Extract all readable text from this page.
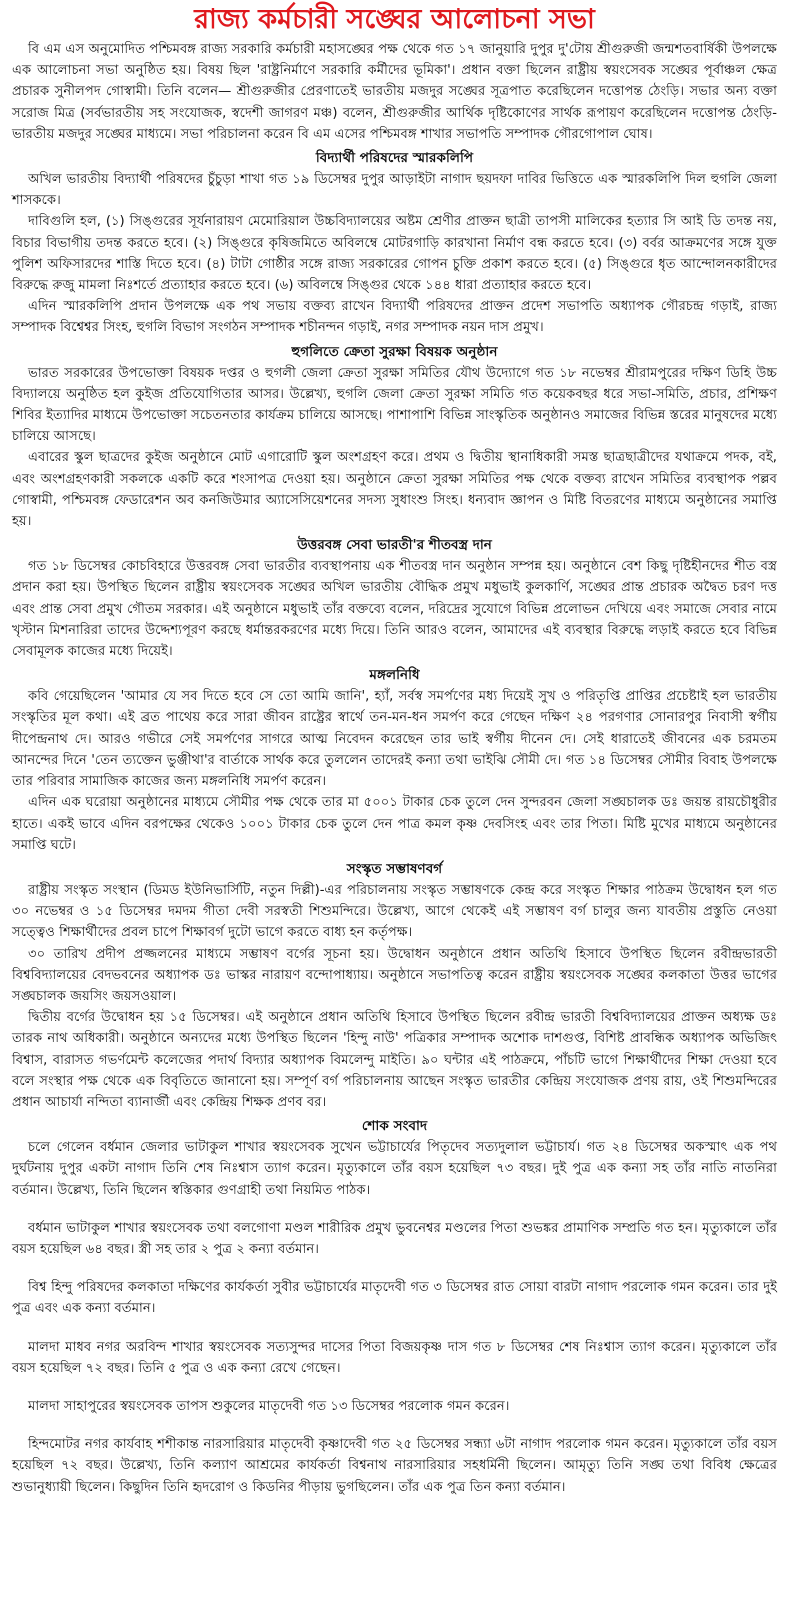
রাজ্য কর্মচারী সঙ্ঘের আলোচনা সভা

বি এম এস অনুমোদিত পশ্চিমবঙ্গ রাজ্য সরকারি কর্মচারী মহাসঙ্ঘের পক্ষ থেকে গত ১৭ জানুয়ারি দুপুর দু'টোয় শ্রীগুরুজী জন্মশতবার্ষিকী উপলক্ষে এক আলোচনা সভা অনুষ্ঠিত হয়। বিষয় ছিল 'রাষ্ট্রনির্মাণে সরকারি কর্মীদের ভূমিকা'। প্রধান বক্তা ছিলেন রাষ্ট্রীয় স্বয়ংসেবক সঙ্ঘের পূর্বাঞ্চল ক্ষেত্র প্রচারক সুনীলপদ গোস্বামী। তিনি বলেন— শ্রীগুরুজীর প্রেরণাতেই ভারতীয় মজদুর সঙ্ঘের সূত্রপাত করেছিলেন দত্তোপন্ত ঠেংড়ি। সভার অন্য বক্তা সরোজ মিত্র (সর্বভারতীয় সহ সংযোজক, স্বদেশী জাগরণ মঞ্চ) বলেন, শ্রীগুরুজীর আর্থিক দৃষ্টিকোণের সার্থক রূপায়ণ করেছিলেন দত্তোপন্ত ঠেংড়ি- ভারতীয় মজদুর সঙ্ঘের মাধ্যমে। সভা পরিচালনা করেন বি এম এসের পশ্চিমবঙ্গ শাখার সভাপতি সম্পাদক গৌরগোপাল ঘোষ।

বিদ্যার্থী পরিষদের স্মারকলিপি

অখিল ভারতীয় বিদ্যার্থী পরিষদের চুঁচুড়া শাখা গত ১৯ ডিসেম্বর দুপুর আড়াইটা নাগাদ ছয়দফা দাবির ভিত্তিতে এক স্মারকলিপি দিল হুগলি জেলা শাসককে।

দাবিগুলি হল, (১) সিঙ্গুরের সূর্যনারায়ণ মেমোরিয়াল উচ্চবিদ্যালয়ের অষ্টম শ্রেণীর প্রাক্তন ছাত্রী তাপসী মালিকের হত্যার সি আই ডি তদন্ত নয়, বিচার বিভাগীয় তদন্ত করতে হবে। (২) সিঙ্গুরে কৃষিজমিতে অবিলম্বে মোটরগাড়ি কারখানা নির্মাণ বন্ধ করতে হবে। (৩) বর্বর আক্রমণের সঙ্গে যুক্ত পুলিশ অফিসারদের শাস্তি দিতে হবে। (৪) টাটা গোষ্ঠীর সঙ্গে রাজ্য সরকারের গোপন চুক্তি প্রকাশ করতে হবে। (৫) সিঙ্গুরে ধৃত আন্দোলনকারীদের বিরুদ্ধে রুজু মামলা নিঃশর্তে প্রত্যাহার করতে হবে। (৬) অবিলম্বে সিঙ্গুর থেকে ১৪৪ ধারা প্রত্যাহার করতে হবে।

এদিন স্মারকলিপি প্রদান উপলক্ষে এক পথ সভায় বক্তব্য রাখেন বিদ্যার্থী পরিষদের প্রাক্তন প্রদেশ সভাপতি অধ্যাপক গৌরচন্দ্র গড়াই, রাজ্য সম্পাদক বিশ্বেশ্বর সিংহ, হুগলি বিভাগ সংগঠন সম্পাদক শচীনন্দন গড়াই, নগর সম্পাদক নয়ন দাস প্রমুখ।

হুগলিতে ক্রেতা সুরক্ষা বিষয়ক অনুষ্ঠান

ভারত সরকারের উপভোক্তা বিষয়ক দপ্তর ও হুগলী জেলা ক্রেতা সুরক্ষা সমিতির যৌথ উদ্যোগে গত ১৮ নভেম্বর শ্রীরামপুরের দক্ষিণ ডিহি উচ্চ বিদ্যালয়ে অনুষ্ঠিত হল কুইজ প্রতিযোগিতার আসর। উল্লেখ্য, হুগলি জেলা ক্রেতা সুরক্ষা সমিতি গত কয়েকবছর ধরে সভা-সমিতি, প্রচার, প্রশিক্ষণ শিবির ইত্যাদির মাধ্যমে উপভোক্তা সচেতনতার কার্যক্রম চালিয়ে আসছে। পাশাপাশি বিভিন্ন সাংস্কৃতিক অনুষ্ঠানও সমাজের বিভিন্ন স্তরের মানুষদের মধ্যে চালিয়ে আসছে।

এবারের স্কুল ছাত্রদের কুইজ অনুষ্ঠানে মোট এগারোটি স্কুল অংশগ্রহণ করে। প্রথম ও দ্বিতীয় স্থানাধিকারী সমস্ত ছাত্রছাত্রীদের যথাক্রমে পদক, বই, এবং অংশগ্রহণকারী সকলকে একটি করে শংসাপত্র দেওয়া হয়। অনুষ্ঠানে ক্রেতা সুরক্ষা সমিতির পক্ষ থেকে বক্তব্য রাখেন সমিতির ব্যবস্থাপক পল্লব গোস্বামী, পশ্চিমবঙ্গ ফেডারেশন অব কনজিউমার অ্যাসেসিয়েশনের সদস্য সুধাংশু সিংহ। ধন্যবাদ জ্ঞাপন ও মিষ্টি বিতরণের মাধ্যমে অনুষ্ঠানের সমাপ্তি হয়।

উত্তরবঙ্গ সেবা ভারতী'র শীতবস্ত্র দান

গত ১৮ ডিসেম্বর কোচবিহারে উত্তরবঙ্গ সেবা ভারতীর ব্যবস্থাপনায় এক শীতবস্ত্র দান অনুষ্ঠান সম্পন্ন হয়। অনুষ্ঠানে বেশ কিছু দৃষ্টিহীনদের শীত বস্ত্র প্রদান করা হয়। উপস্থিত ছিলেন রাষ্ট্রীয় স্বয়ংসেবক সঙ্ঘের অখিল ভারতীয় বৌদ্ধিক প্রমুখ মধুভাই কুলকার্ণি, সঙ্ঘের প্রান্ত প্রচারক অদ্বৈত চরণ দত্ত এবং প্রান্ত সেবা প্রমুখ গৌতম সরকার। এই অনুষ্ঠানে মধুভাই তাঁর বক্তব্যে বলেন, দরিদ্রের সুযোগে বিভিন্ন প্রলোভন দেখিয়ে এবং সমাজে সেবার নামে খৃস্টান মিশনারিরা তাদের উদ্দেশ্যপূরণ করছে ধর্মান্তরকরণের মধ্যে দিয়ে। তিনি আরও বলেন, আমাদের এই ব্যবস্থার বিরুদ্ধে লড়াই করতে হবে বিভিন্ন সেবামূলক কাজের মধ্যে দিয়েই।

মঙ্গলনিধি

কবি গেয়েছিলেন 'আমার যে সব দিতে হবে সে তো আমি জানি', হ্যাঁ, সর্বস্ব সমর্পণের মধ্য দিয়েই সুখ ও পরিতৃপ্তি প্রাপ্তির প্রচেষ্টাই হল ভারতীয় সংস্কৃতির মূল কথা। এই ব্রত পাথেয় করে সারা জীবন রাষ্ট্রের স্বার্থে তন-মন-ধন সমর্পণ করে গেছেন দক্ষিণ ২৪ পরগণার সোনারপুর নিবাসী স্বর্গীয় দীপেন্দ্রনাথ দে। আরও গভীরে সেই সমর্পণের সাগরে আত্ম নিবেদন করেছেন তার ভাই স্বর্গীয় দীনেন দে। সেই ধারাতেই জীবনের এক চরমতম আনন্দের দিনে 'তেন ত্যক্তেন ভুঞ্জীথা'র বার্তাকে সার্থক করে তুললেন তাদেরই কন্যা তথা ভাইঝি সৌমী দে। গত ১৪ ডিসেম্বর সৌমীর বিবাহ উপলক্ষে তার পরিবার সামাজিক কাজের জন্য মঙ্গলনিধি সমর্পণ করেন।

এদিন এক ঘরোয়া অনুষ্ঠানের মাধ্যমে সৌমীর পক্ষ থেকে তার মা ৫০০১ টাকার চেক তুলে দেন সুন্দরবন জেলা সঙ্ঘচালক ডঃ জয়ন্ত রায়চৌধুরীর হাতে। একই ভাবে এদিন বরপক্ষের থেকেও ১০০১ টাকার চেক তুলে দেন পাত্র কমল কৃষ্ণ দেবসিংহ এবং তার পিতা। মিষ্টি মুখের মাধ্যমে অনুষ্ঠানের সমাপ্তি ঘটে।

সংস্কৃত সম্ভাষণবর্গ

রাষ্ট্রীয় সংস্কৃত সংস্থান (ডিমড ইউনিভার্সিটি, নতুন দিল্লী)-এর পরিচালনায় সংস্কৃত সম্ভাষণকে কেন্দ্র করে সংস্কৃত শিক্ষার পাঠক্রম উদ্বোধন হল গত ৩০ নভেম্বর ও ১৫ ডিসেম্বর দমদম গীতা দেবী সরস্বতী শিশুমন্দিরে। উল্লেখ্য, আগে থেকেই এই সম্ভাষণ বর্গ চালুর জন্য যাবতীয় প্রস্তুতি নেওয়া সত্ত্বেও শিক্ষার্থীদের প্রবল চাপে শিক্ষাবর্গ দুটো ভাগে করতে বাধ্য হন কর্তৃপক্ষ।

৩০ তারিখ প্রদীপ প্রজ্জলনের মাধ্যমে সম্ভাষণ বর্গের সূচনা হয়। উদ্বোধন অনুষ্ঠানে প্রধান অতিথি হিসাবে উপস্থিত ছিলেন রবীন্দ্রভারতী বিশ্ববিদ্যালয়ের বেদভবনের অধ্যাপক ডঃ ভাস্কর নারায়ণ বন্দোপাধ্যায়। অনুষ্ঠানে সভাপতিত্ব করেন রাষ্ট্রীয় স্বয়ংসেবক সঙ্ঘের কলকাতা উত্তর ভাগের সঙ্ঘচালক জয়সিং জয়সওয়াল।

দ্বিতীয় বর্গের উদ্বোধন হয় ১৫ ডিসেম্বর। এই অনুষ্ঠানে প্রধান অতিথি হিসাবে উপস্থিত ছিলেন রবীন্দ্র ভারতী বিশ্ববিদ্যালয়ের প্রাক্তন অধ্যক্ষ ডঃ তারক নাথ অধিকারী। অনুষ্ঠানে অন্যদের মধ্যে উপস্থিত ছিলেন 'হিন্দু নাউ' পত্রিকার সম্পাদক অশোক দাশগুপ্ত, বিশিষ্ট প্রাবন্ধিক অধ্যাপক অভিজিৎ বিশ্বাস, বারাসত গভর্ণমেন্ট কলেজের পদার্থ বিদ্যার অধ্যাপক বিমলেন্দু মাইতি। ৯০ ঘন্টার এই পাঠক্রমে, পাঁচটি ভাগে শিক্ষার্থীদের শিক্ষা দেওয়া হবে বলে সংস্থার পক্ষ থেকে এক বিবৃতিতে জানানো হয়। সম্পূর্ণ বর্গ পরিচালনায় আছেন সংস্কৃত ভারতীর কেন্দ্রিয় সংযোজক প্রণয় রায়, ওই শিশুমন্দিরের প্রধান আচার্যা নন্দিতা ব্যানার্জী এবং কেন্দ্রিয় শিক্ষক প্রণব বর।

শোক সংবাদ

চলে গেলেন বর্ধমান জেলার ভাটাকুল শাখার স্বয়ংসেবক সুখেন ভট্টাচার্যের পিতৃদেব সত্যদুলাল ভট্টাচার্য। গত ২৪ ডিসেম্বর অকস্মাৎ এক পথ দুর্ঘটনায় দুপুর একটা নাগাদ তিনি শেষ নিঃশ্বাস ত্যাগ করেন। মৃত্যুকালে তাঁর বয়স হয়েছিল ৭৩ বছর। দুই পুত্র এক কন্যা সহ তাঁর নাতি নাতনিরা বর্তমান। উল্লেখ্য, তিনি ছিলেন স্বস্তিকার গুণগ্রাহী তথা নিয়মিত পাঠক।

বর্ধমান ভাটাকুল শাখার স্বয়ংসেবক তথা বলগোণা মণ্ডল শারীরিক প্রমুখ ভুবনেশ্বর মণ্ডলের পিতা শুভঙ্কর প্রামাণিক সম্প্রতি গত হন। মৃত্যুকালে তাঁর বয়স হয়েছিল ৬৪ বছর। স্ত্রী সহ তার ২ পুত্র ২ কন্যা বর্তমান।

বিশ্ব হিন্দু পরিষদের কলকাতা দক্ষিণের কার্যকর্তা সুবীর ভট্টাচার্যের মাতৃদেবী গত ৩ ডিসেম্বর রাত সোয়া বারটা নাগাদ পরলোক গমন করেন। তার দুই পুত্র এবং এক কন্যা বর্তমান।

মালদা মাধব নগর অরবিন্দ শাখার স্বয়ংসেবক সত্যসুন্দর দাসের পিতা বিজয়কৃষ্ণ দাস গত ৮ ডিসেম্বর শেষ নিঃশ্বাস ত্যাগ করেন। মৃত্যুকালে তাঁর বয়স হয়েছিল ৭২ বছর। তিনি ৫ পুত্র ও এক কন্যা রেখে গেছেন।

মালদা সাহাপুরের স্বয়ংসেবক তাপস শুকুলের মাতৃদেবী গত ১৩ ডিসেম্বর পরলোক গমন করেন।

হিন্দমোটর নগর কার্যবাহ শশীকান্ত নারসারিয়ার মাতৃদেবী কৃষ্ণাদেবী গত ২৫ ডিসেম্বর সন্ধ্যা ৬টা নাগাদ পরলোক গমন করেন। মৃত্যুকালে তাঁর বয়স হয়েছিল ৭২ বছর। উল্লেখ্য, তিনি কল্যাণ আশ্রমের কার্যকর্তা বিশ্বনাথ নারসারিয়ার সহধর্মিনী ছিলেন। আমৃত্যু তিনি সঙ্ঘ তথা বিবিধ ক্ষেত্রের শুভানুধ্যায়ী ছিলেন। কিছুদিন তিনি হৃদরোগ ও কিডনির পীড়ায় ভুগছিলেন। তাঁর এক পুত্র তিন কন্যা বর্তমান।
